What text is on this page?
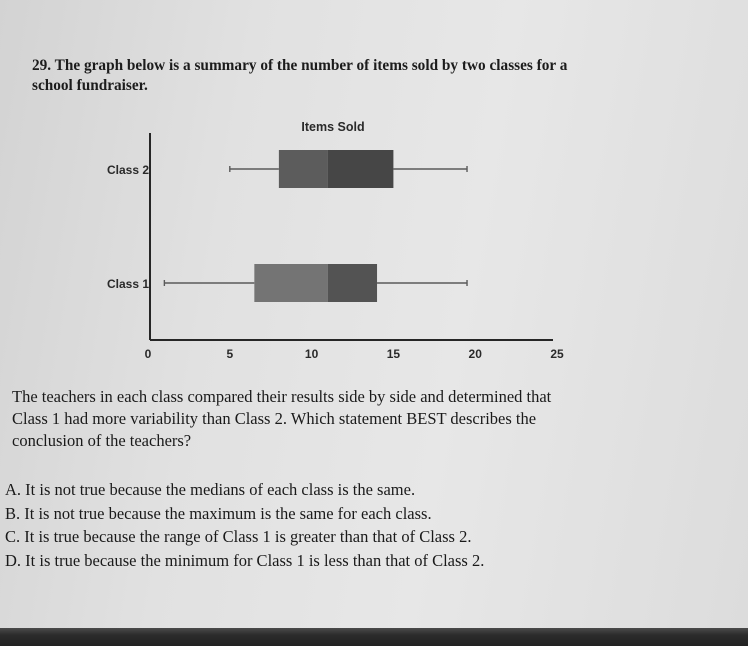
29. The graph below is a summary of the number of items sold by two classes for a
school fundraiser.
Items Sold
0	5	10	15	20	25
Class 2
Class 1
The teachers in each class compared their results side by side and determined that
Class 1 had more variability than Class 2. Which statement BEST describes the
conclusion of the teachers?
A. It is not true because the medians of each class is the same.
B. It is not true because the maximum is the same for each class.
C. It is true because the range of Class 1 is greater than that of Class 2.
D. It is true because the minimum for Class 1 is less than that of Class 2.
